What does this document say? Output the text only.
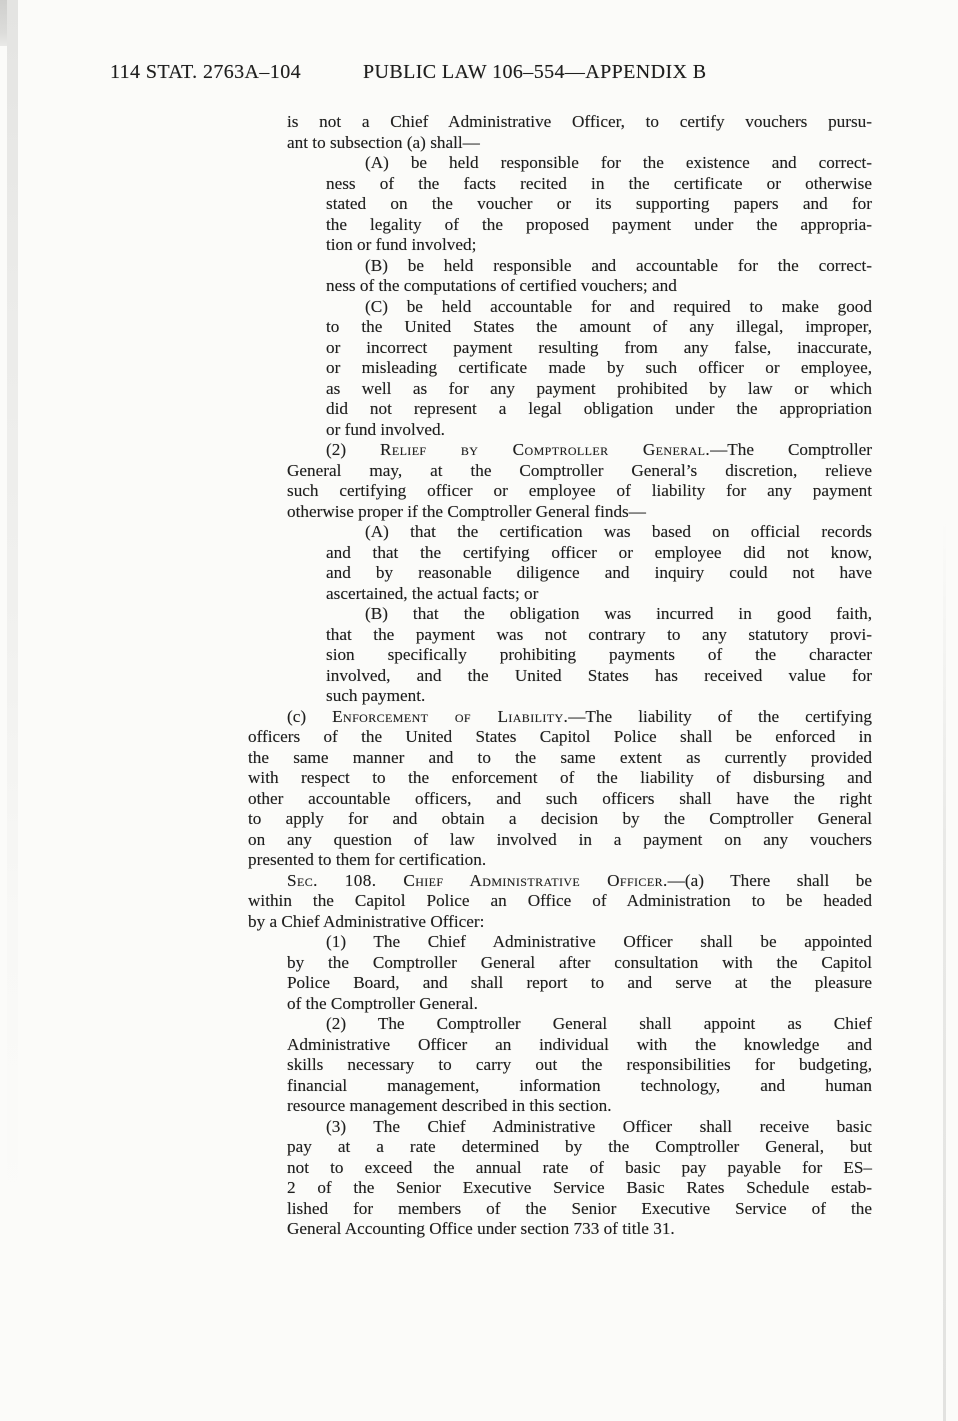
114 STAT. 2763A–104	PUBLIC LAW 106–554—APPENDIX B
is not a Chief Administrative Officer, to certify vouchers pursu-
ant to subsection (a) shall—
(A) be held responsible for the existence and correct-
ness of the facts recited in the certificate or otherwise
stated on the voucher or its supporting papers and for
the legality of the proposed payment under the appropria-
tion or fund involved;
(B) be held responsible and accountable for the correct-
ness of the computations of certified vouchers; and
(C) be held accountable for and required to make good
to the United States the amount of any illegal, improper,
or incorrect payment resulting from any false, inaccurate,
or misleading certificate made by such officer or employee,
as well as for any payment prohibited by law or which
did not represent a legal obligation under the appropriation
or fund involved.
(2) Relief by Comptroller General.—The Comptroller
General may, at the Comptroller General’s discretion, relieve
such certifying officer or employee of liability for any payment
otherwise proper if the Comptroller General finds—
(A) that the certification was based on official records
and that the certifying officer or employee did not know,
and by reasonable diligence and inquiry could not have
ascertained, the actual facts; or
(B) that the obligation was incurred in good faith,
that the payment was not contrary to any statutory provi-
sion specifically prohibiting payments of the character
involved, and the United States has received value for
such payment.
(c) Enforcement of Liability.—The liability of the certifying
officers of the United States Capitol Police shall be enforced in
the same manner and to the same extent as currently provided
with respect to the enforcement of the liability of disbursing and
other accountable officers, and such officers shall have the right
to apply for and obtain a decision by the Comptroller General
on any question of law involved in a payment on any vouchers
presented to them for certification.
Sec. 108. Chief Administrative Officer.—(a) There shall be
within the Capitol Police an Office of Administration to be headed
by a Chief Administrative Officer:
(1) The Chief Administrative Officer shall be appointed
by the Comptroller General after consultation with the Capitol
Police Board, and shall report to and serve at the pleasure
of the Comptroller General.
(2) The Comptroller General shall appoint as Chief
Administrative Officer an individual with the knowledge and
skills necessary to carry out the responsibilities for budgeting,
financial management, information technology, and human
resource management described in this section.
(3) The Chief Administrative Officer shall receive basic
pay at a rate determined by the Comptroller General, but
not to exceed the annual rate of basic pay payable for ES–
2 of the Senior Executive Service Basic Rates Schedule estab-
lished for members of the Senior Executive Service of the
General Accounting Office under section 733 of title 31.
